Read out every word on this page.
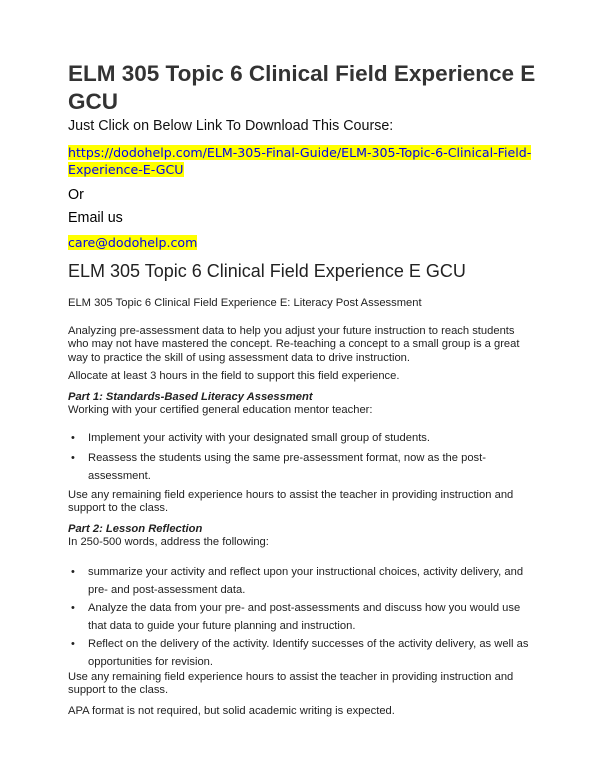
ELM 305 Topic 6 Clinical Field Experience E GCU

Just Click on Below Link To Download This Course:

https://dodohelp.com/ELM-305-Final-Guide/ELM-305-Topic-6-Clinical-Field-Experience-E-GCU

Or

Email us

care@dodohelp.com

ELM 305 Topic 6 Clinical Field Experience E GCU

ELM 305 Topic 6 Clinical Field Experience E: Literacy Post Assessment

Analyzing pre-assessment data to help you adjust your future instruction to reach students who may not have mastered the concept. Re-teaching a concept to a small group is a great way to practice the skill of using assessment data to drive instruction.

Allocate at least 3 hours in the field to support this field experience.

Part 1: Standards-Based Literacy Assessment

Working with your certified general education mentor teacher:

• Implement your activity with your designated small group of students.
• Reassess the students using the same pre-assessment format, now as the post-assessment.

Use any remaining field experience hours to assist the teacher in providing instruction and support to the class.

Part 2: Lesson Reflection

In 250-500 words, address the following:

• summarize your activity and reflect upon your instructional choices, activity delivery, and pre- and post-assessment data.
• Analyze the data from your pre- and post-assessments and discuss how you would use that data to guide your future planning and instruction.
• Reflect on the delivery of the activity. Identify successes of the activity delivery, as well as opportunities for revision.

Use any remaining field experience hours to assist the teacher in providing instruction and support to the class.

APA format is not required, but solid academic writing is expected.
